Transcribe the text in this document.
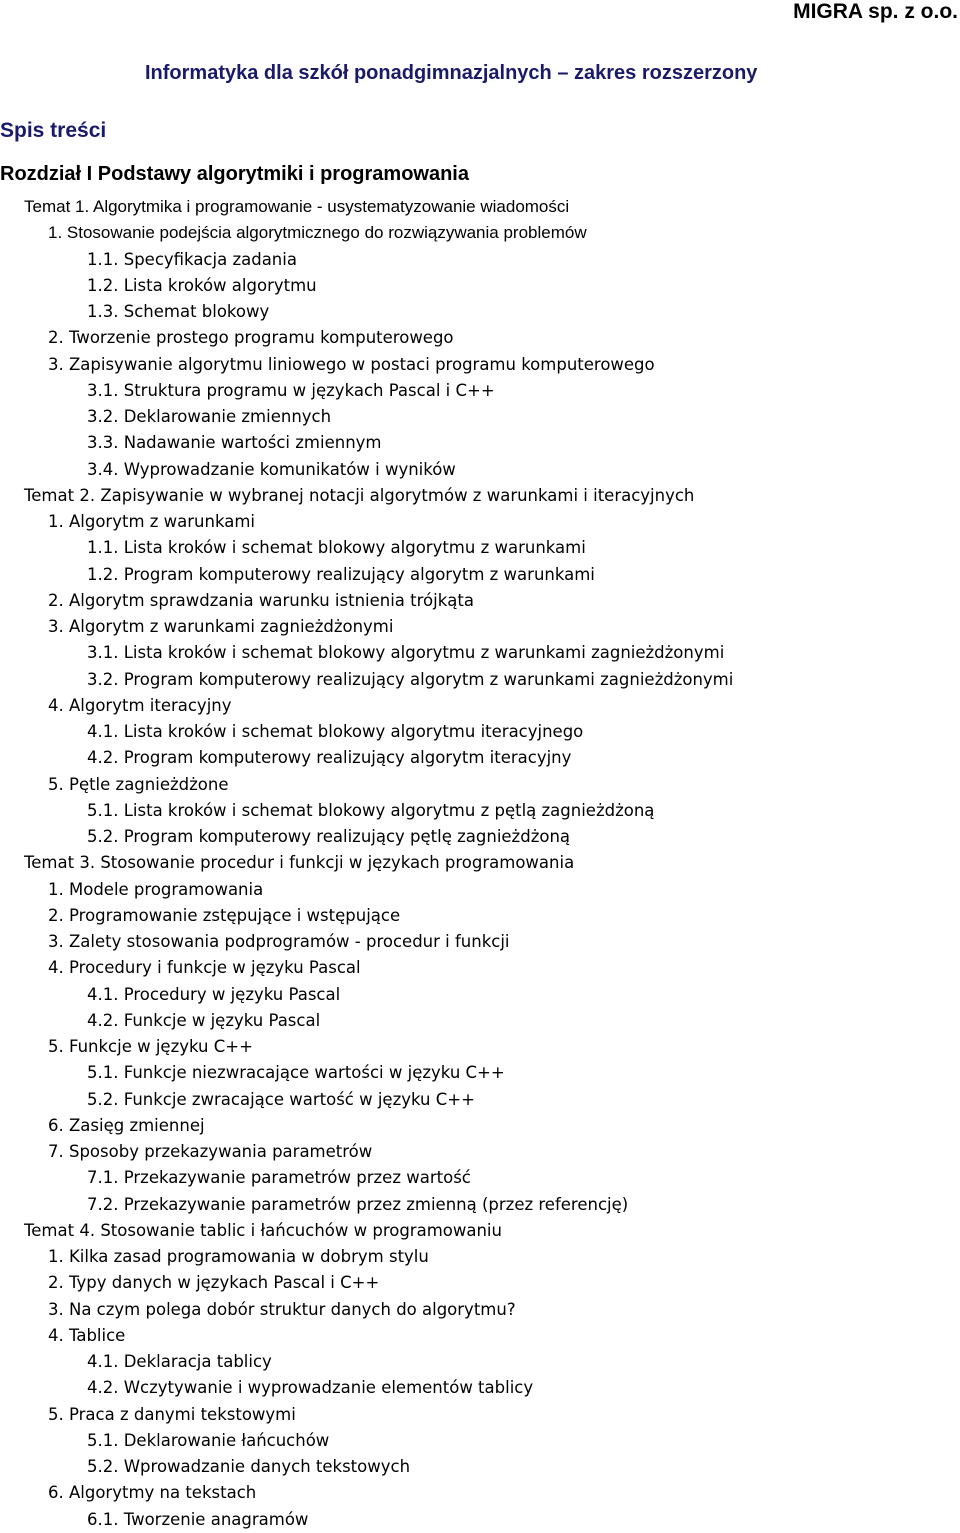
MIGRA sp. z o.o.

Informatyka dla szkół ponadgimnazjalnych – zakres rozszerzony

Spis treści

Rozdział I Podstawy algorytmiki i programowania

Temat 1. Algorytmika i programowanie - usystematyzowanie wiadomości
1. Stosowanie podejścia algorytmicznego do rozwiązywania problemów
1.1. Specyfikacja zadania
1.2. Lista kroków algorytmu
1.3. Schemat blokowy
2. Tworzenie prostego programu komputerowego
3. Zapisywanie algorytmu liniowego w postaci programu komputerowego
3.1. Struktura programu w językach Pascal i C++
3.2. Deklarowanie zmiennych
3.3. Nadawanie wartości zmiennym
3.4. Wyprowadzanie komunikatów i wyników
Temat 2. Zapisywanie w wybranej notacji algorytmów z warunkami i iteracyjnych
1. Algorytm z warunkami
1.1. Lista kroków i schemat blokowy algorytmu z warunkami
1.2. Program komputerowy realizujący algorytm z warunkami
2. Algorytm sprawdzania warunku istnienia trójkąta
3. Algorytm z warunkami zagnieżdżonymi
3.1. Lista kroków i schemat blokowy algorytmu z warunkami zagnieżdżonymi
3.2. Program komputerowy realizujący algorytm z warunkami zagnieżdżonymi
4. Algorytm iteracyjny
4.1. Lista kroków i schemat blokowy algorytmu iteracyjnego
4.2. Program komputerowy realizujący algorytm iteracyjny
5. Pętle zagnieżdżone
5.1. Lista kroków i schemat blokowy algorytmu z pętlą zagnieżdżoną
5.2. Program komputerowy realizujący pętlę zagnieżdżoną
Temat 3. Stosowanie procedur i funkcji w językach programowania
1. Modele programowania
2. Programowanie zstępujące i wstępujące
3. Zalety stosowania podprogramów - procedur i funkcji
4. Procedury i funkcje w języku Pascal
4.1. Procedury w języku Pascal
4.2. Funkcje w języku Pascal
5. Funkcje w języku C++
5.1. Funkcje niezwracające wartości w języku C++
5.2. Funkcje zwracające wartość w języku C++
6. Zasięg zmiennej
7. Sposoby przekazywania parametrów
7.1. Przekazywanie parametrów przez wartość
7.2. Przekazywanie parametrów przez zmienną (przez referencję)
Temat 4. Stosowanie tablic i łańcuchów w programowaniu
1. Kilka zasad programowania w dobrym stylu
2. Typy danych w językach Pascal i C++
3. Na czym polega dobór struktur danych do algorytmu?
4. Tablice
4.1. Deklaracja tablicy
4.2. Wczytywanie i wyprowadzanie elementów tablicy
5. Praca z danymi tekstowymi
5.1. Deklarowanie łańcuchów
5.2. Wprowadzanie danych tekstowych
6. Algorytmy na tekstach
6.1. Tworzenie anagramów
